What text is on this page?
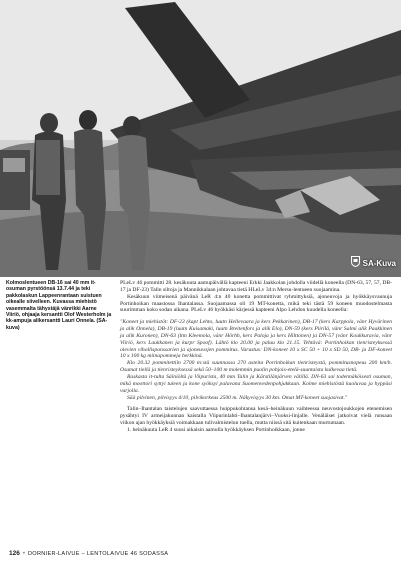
SA-Kuva
Kolmoslentueen DB-16 sai 40 mm it-osuman pyrstöönsä 13.7.44 ja teki pakkolaskun Lappeenrantaan suistuen oikealle siivelleen. Kuvassa miehistö vasemmalta tähystäjä vänrikki Aarne Viiriö, ohjaaja kersantti Olof Westerholm ja kk-ampuja alikersantti Lauri Onnela. (SA-kuva)

PLeLv 46 pommitti 28. kesäkuuta aamupäivällä kapteeni Erkki Jaakkolan johdolla viidellä koneella (DN-63, 57, 57, DB-17 ja DF-23) Talin siltoja ja Mannikkalaan johtavaa tietä HLeLv 34:n Mersu-lentueen suojaamina.

Kesäkuun viimeisenä päivänä LeR 4:n 40 konetta pommittivat ryhmittyksiä, ajoneuvoja ja hyökkäysvaunuja Portinhoikan maastossa Ihantalassa. Suojaamassa oli 19 MT-konetta, mikä teki tästä 59 koneen muodostelmasta suurimman koko sodan aikana. PLeLv 46 hyökkäsi kärjessä kapteeni Alpo Lehdon kuudella koneella:

"Koneet ja miehistöt: DF-23 (kapt Lehto, luutn Hellevaara ja kers Pekkarinen), DB-17 (kers Karppola, vänr Hyvärinen ja alik Onnela), DB-19 (luutn Kuisamaki, luutn Breitenfors ja alik Elo), DN-59 (kers Piirilä, vänr Salmi alik Paakkinen ja alik Kuronen), DN-63 (ltm Kleemola, vänr Hörhh, kers Paloja ja kers Hilttonen) ja DN-57 (vänr Koukkuravia, vänr Viiriö, kers Laukkanen ja kurpr Spoof). Lähtö klo 20.00 ja paluu klo 21.15. Tehtävä: Portinhoikan tienristeyksessä olevien vihollispanssarien ja ajoneuvojen pommitus. Varustus: DN-koneet 10 x SC 50 + 10 x SD 50, DB- ja DF-koneet 10 x 100 kg miinapommeja herkkinä.

Klo 20.32 pommitettiin 2700 m:stä suunnassa 270 asteita Portinhoikan tienristeystä, pommitusnopeus 200 km/h. Osumat tiellä ja tienristeyksessä sekä 50–100 m molemmin puolin pohjois-etelä-suuntaista kulkevaa tietä.

Raskasta it-tulta Säiniöltä ja Viipurista, 40 mm Talin ja Kärstilänjärven välillä. DN-63 sai todennäköisesti osuman, mikä moottori syttyi tuleen ja kone syöksyi palavana Suomenvedenpohjukkaan. Kolme miehistöstä kuoluvaa ja hyppäsi varjolla.

Sää pilvinen, pilvisyys 4/10, pilvikorkeus 2500 m. Näkyvisyys 30 km. Omat MT-koneet suojasivat."

Talin–Ihantalan taistelujen saavuttaessa huippukohtansa kesä–heinäkuun vaihteessa neuvostojoukkojen etenemisen pysähtyi IV armeijakunnan kaistalla Viipurinlahti–Ihantalanjärvi–Vuoksi-linjalle. Venäläiset jatkoivat vielä runsaan viikon ajan hyökkäyksiä voimakkaan tulivalmistelun tuella, mutta niissä sitä kuitenkaan murtumaan.

1. heinäkuuta LeR 4 suusi aikaisin aamulla hyökkäyksen Portinhoikkaan, jonne

126 • DORNIER-LAIVUE – LENTOLAIVUE 46 SODASSA
